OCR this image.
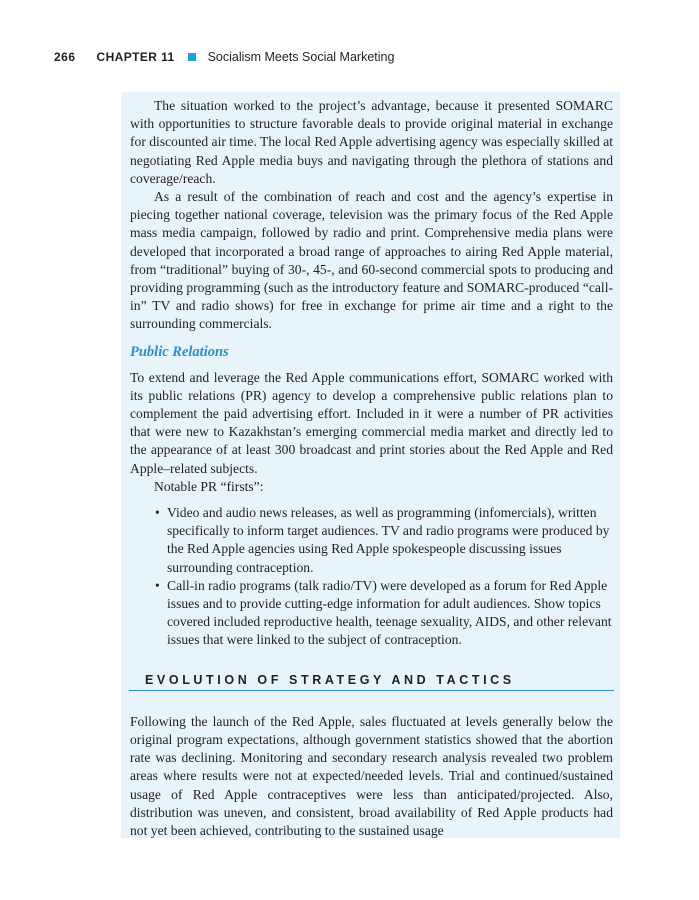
266 CHAPTER 11	Socialism Meets Social Marketing

The situation worked to the project’s advantage, because it presented SOMARC with opportunities to structure favorable deals to provide original material in exchange for discounted air time. The local Red Apple advertising agency was especially skilled at negotiating Red Apple media buys and navigating through the plethora of stations and coverage/reach.

As a result of the combination of reach and cost and the agency’s expertise in piecing together national coverage, television was the primary focus of the Red Apple mass media campaign, followed by radio and print. Comprehensive media plans were developed that incorporated a broad range of approaches to airing Red Apple material, from “traditional” buying of 30-, 45-, and 60-second commercial spots to producing and providing programming (such as the introductory feature and SOMARC-produced “call-in” TV and radio shows) for free in exchange for prime air time and a right to the surrounding commercials.

Public Relations

To extend and leverage the Red Apple communications effort, SOMARC worked with its public relations (PR) agency to develop a comprehensive public relations plan to complement the paid advertising effort. Included in it were a number of PR activities that were new to Kazakhstan’s emerging commercial media market and directly led to the appearance of at least 300 broadcast and print stories about the Red Apple and Red Apple–related subjects.

Notable PR “firsts”:

• Video and audio news releases, as well as programming (infomercials), written specifically to inform target audiences. TV and radio programs were produced by the Red Apple agencies using Red Apple spokespeople discussing issues surrounding contraception.
• Call-in radio programs (talk radio/TV) were developed as a forum for Red Apple issues and to provide cutting-edge information for adult audiences. Show topics covered included reproductive health, teenage sexuality, AIDS, and other relevant issues that were linked to the subject of contraception.
EVOLUTION OF STRATEGY AND TACTICS

Following the launch of the Red Apple, sales fluctuated at levels generally below the original program expectations, although government statistics showed that the abortion rate was declining. Monitoring and secondary research analysis revealed two problem areas where results were not at expected/needed levels. Trial and continued/sustained usage of Red Apple contraceptives were less than anticipated/projected. Also, distribution was uneven, and consistent, broad availability of Red Apple products had not yet been achieved, contributing to the sustained usage
